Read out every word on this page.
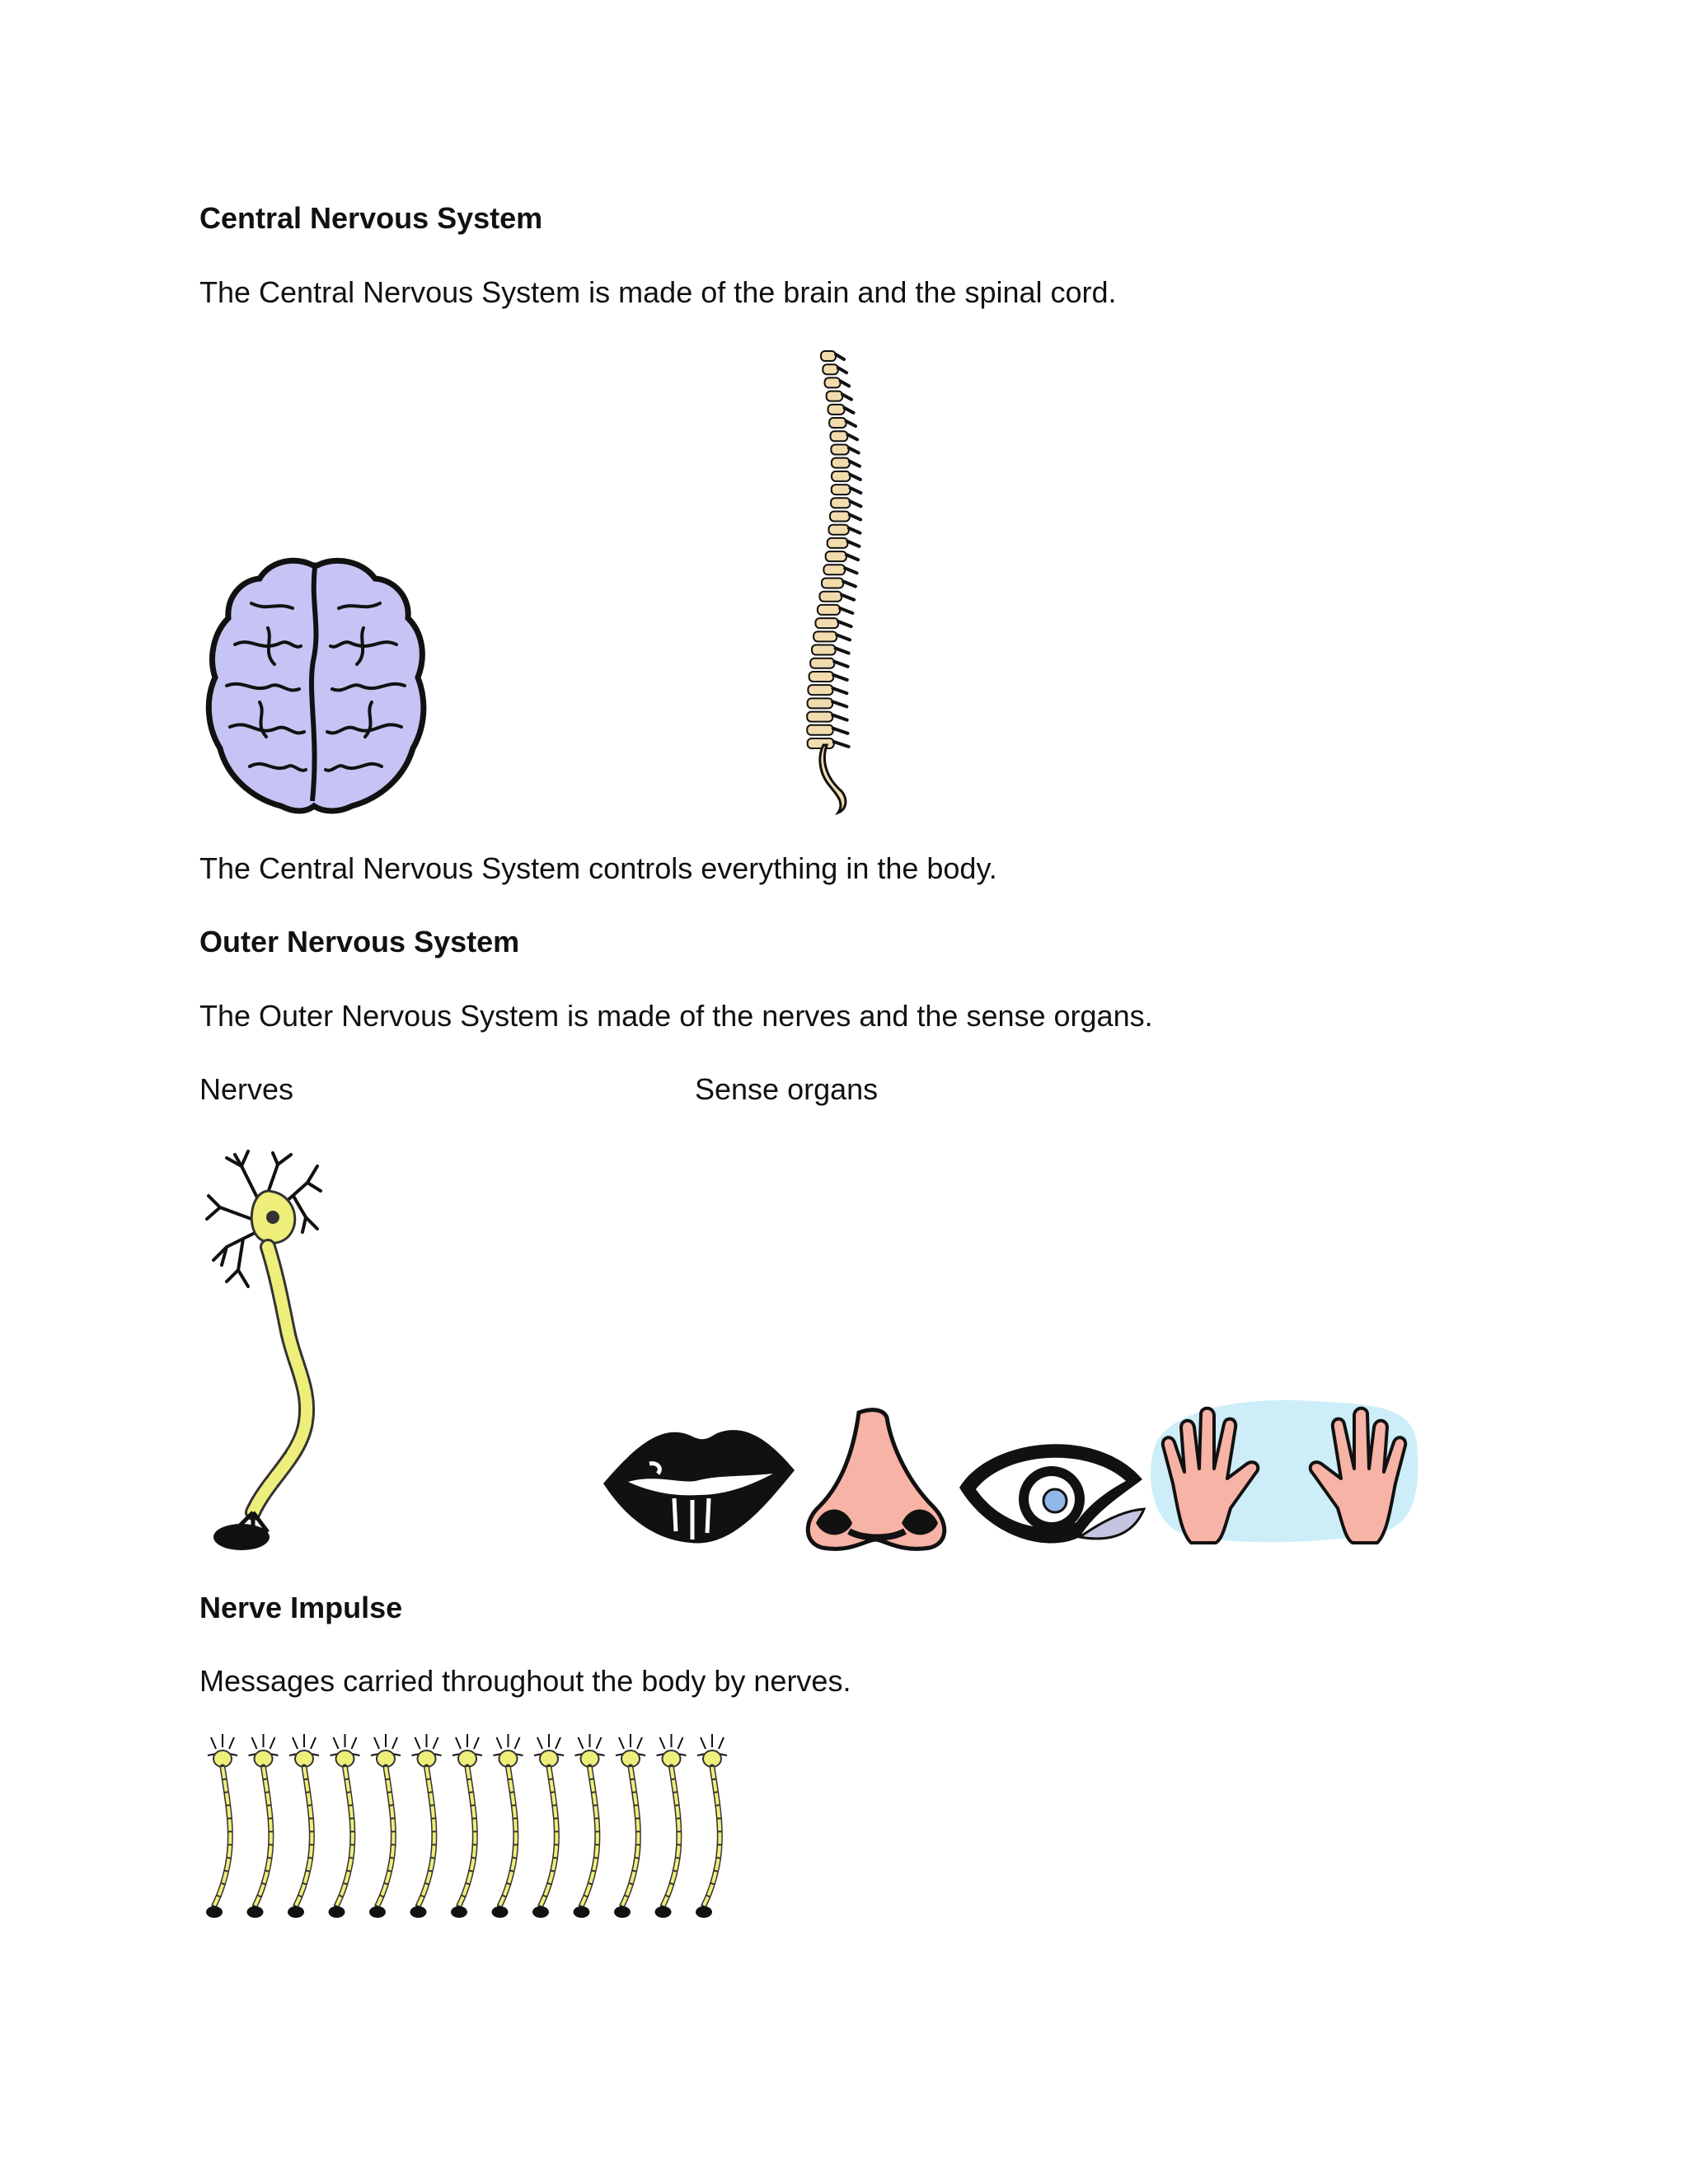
Central Nervous System
The Central Nervous System is made of the brain and the spinal cord.
The Central Nervous System controls everything in the body.
Outer Nervous System
The Outer Nervous System is made of the nerves and the sense organs.
Nerves	Sense organs
Nerve Impulse
Messages carried throughout the body by nerves.
